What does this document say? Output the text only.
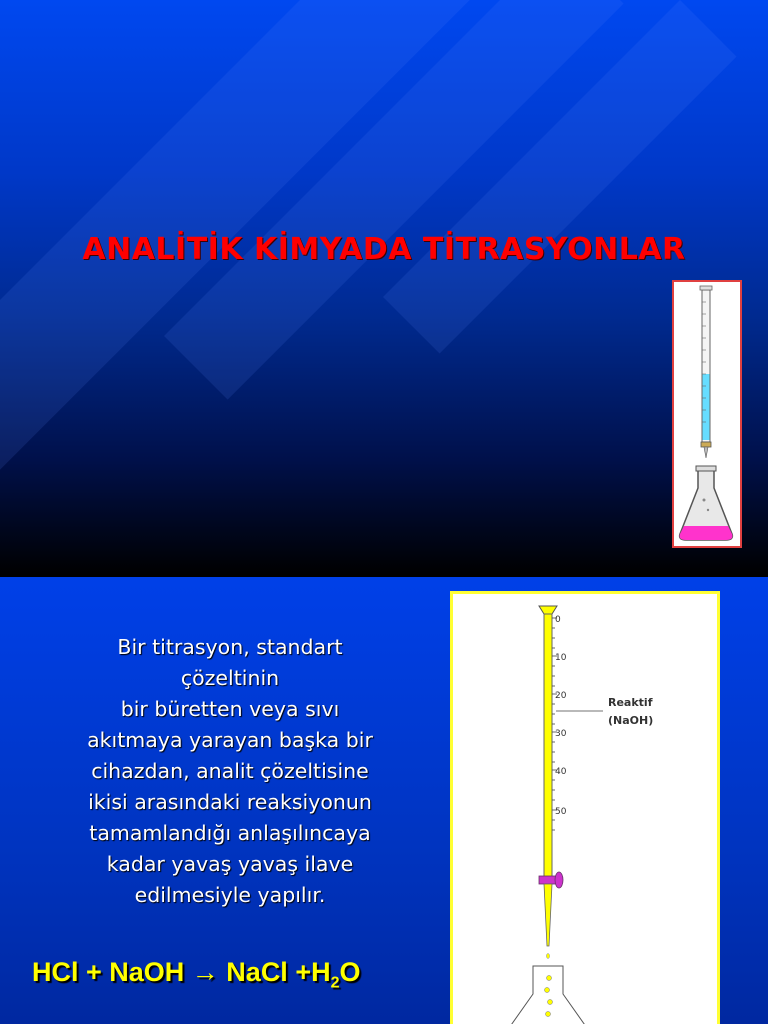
ANALİTİK KİMYADA TİTRASYONLAR
Bir titrasyon, standart
çözeltinin
bir büretten veya sıvı
akıtmaya yarayan başka bir
cihazdan, analit çözeltisine
ikisi arasındaki reaksiyonun
tamamlandığı anlaşılıncaya
kadar yavaş yavaş ilave
edilmesiyle yapılır.
HCl + NaOH → NaCl $+H_2O$
0
10
20
30
40
50
Reaktif
(NaOH)
